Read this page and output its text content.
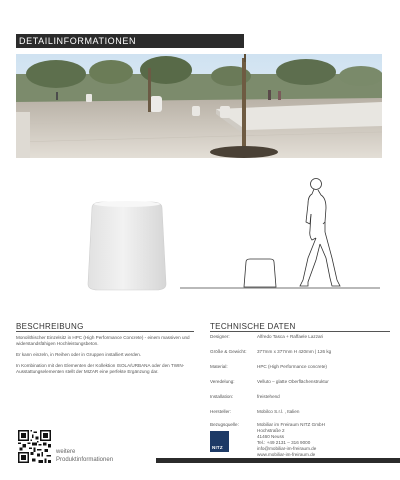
DETAILINFORMATIONEN
BESCHREIBUNG

Monolithischer Einzelsitz in HPC (High Performance Concrete) - einem massiven und widerstandsfähigen Hochleistungsbeton.

Er kann einzeln, in Reihen oder in Gruppen installiert werden.

In Kombination mit den Elementen der Kollektion ISOLA/URBANA oder den TWIN-Ausstattungselementen stellt der MIZAR eine perfekte Ergänzung dar.

TECHNISCHE DATEN
Designer:	Alfredo Tasca + Raffaele Lazzari
Größe & Gewicht:	377mm x 377mm H 420mm | 126 kg
Material:	HPC (High Performance concrete)
Veredelung:	Velluto – glatte Oberflächenstruktur
Installation:	freistehend
Hersteller:	Mobilco S.r.l. , Italien
Bezugsquelle:	Mobiliar im Freiraum NITZ GmbH
Hochstraße 2
41460 Neuss
Tel.: +49 2131 – 316 9000
info@mobiliar-im-freiraum.de
www.mobiliar-im-freiraum.de
NITZ
weitere
Produktinformationen
